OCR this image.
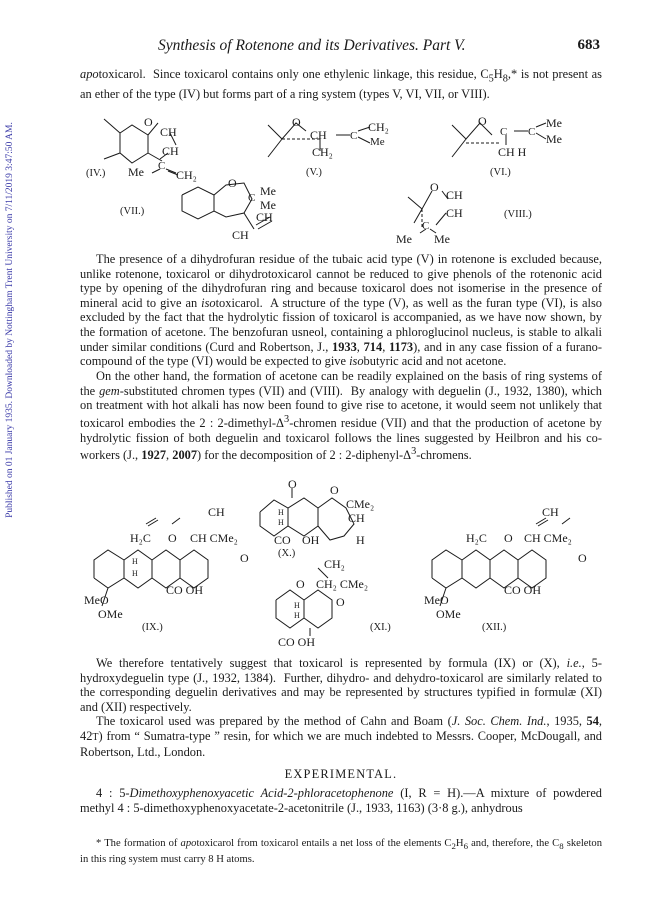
Published on 01 January 1935. Downloaded by Nottingham Trent University on 7/11/2019 3:47:50 AM.
Synthesis of Rotenone and its Derivatives. Part V.	683

apotoxicarol.  Since toxicarol contains only one ethylenic linkage, this residue, $C_5H_8,*$ is not present as an ether of the type (IV) but forms part of a ring system (types V, VI, VII, or VIII).

O
CH
CH
C
(IV.) Me	CH₂
O
CH C
CH₂
Me
CH₂
(V.)
O
C C
Me
Me
CH H
(VI.)
O
C Me
Me
CH
CH
(VII.)
O
CH
CH
C
Me Me
(VIII.)

The presence of a dihydrofuran residue of the tubaic acid type (V) in rotenone is excluded because, unlike rotenone, toxicarol or dihydrotoxicarol cannot be reduced to give phenols of the rotenonic acid type by opening of the dihydrofuran ring and because toxicarol does not isomerise in the presence of mineral acid to give an isotoxicarol.  A structure of the type (V), as well as the furan type (VI), is also excluded by the fact that the hydrolytic fission of toxicarol is accompanied, as we have now shown, by the formation of acetone. The benzofuran usneol, containing a phloroglucinol nucleus, is stable to alkali under similar conditions (Curd and Robertson, J., 1933, 714, 1173), and in any case fission of a furano-compound of the type (VI) would be expected to give isobutyric acid and not acetone.

On the other hand, the formation of acetone can be readily explained on the basis of ring systems of the gem-substituted chromen types (VII) and (VIII).  By analogy with deguelin (J., 1932, 1380), which on treatment with hot alkali has now been found to give rise to acetone, it would seem not unlikely that toxicarol embodies the 2 : $2-dimethyl-\Delta^3$-chromen residue (VII) and that the production of acetone by hydrolytic fission of both deguelin and toxicarol follows the lines suggested by Heilbron and his co-workers (J., 1927, 2007) for the decomposition of 2 : $2-diphenyl-\Delta^3$-chromens.

CH
H₂C O CH CMe₂
H
H
O
MeO
CO OH
OMe
(IX.)
O	O
CMe₂
CH
H
H
CO OH	H
(X.)
CH₂
O CH₂ CMe₂
O
H
H
CO OH
(XI.)
CH
H₂C O CH CMe₂
O
MeO
CO OH
OMe
(XII.)

We therefore tentatively suggest that toxicarol is represented by formula (IX) or (X), i.e., 5-hydroxydeguelin type (J., 1932, 1384).  Further, dihydro- and dehydro-toxicarol are similarly related to the corresponding deguelin derivatives and may be represented by structures typified in formulæ (XI) and (XII) respectively.

The toxicarol used was prepared by the method of Cahn and Boam (J. Soc. Chem. Ind., 1935, 54, 42T) from “ Sumatra-type ” resin, for which we are much indebted to Messrs. Cooper, McDougall, and Robertson, Ltd., London.

EXPERIMENTAL.

4 : 5-Dimethoxyphenoxyacetic Acid-2-phloracetophenone (I, R = H).—A mixture of powdered methyl 4 : 5-dimethoxyphenoxyacetate-2-acetonitrile (J., 1933, 1163) (3·8 g.), anhydrous

* The formation of apotoxicarol from toxicarol entails a net loss of the elements $C_2H_6$ and, therefore, the $C_8$ skeleton in this ring system must carry 8 H atoms.
